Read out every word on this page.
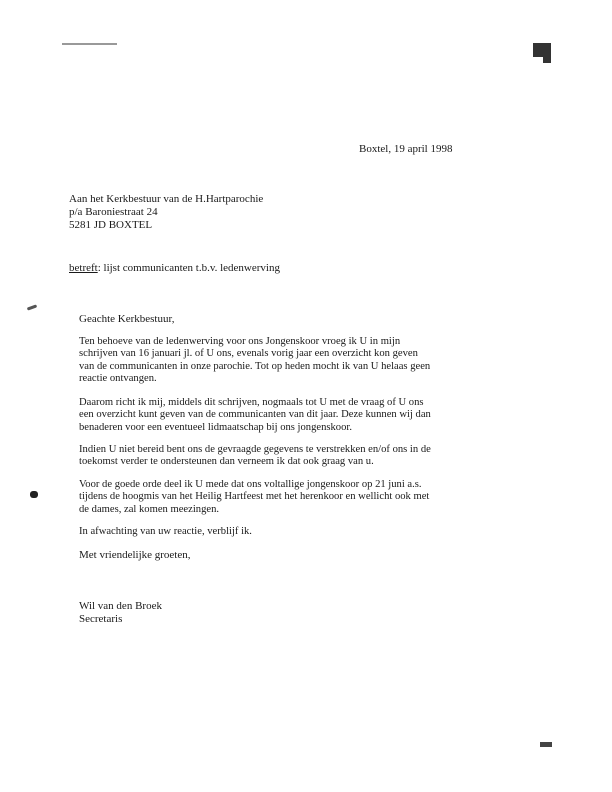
Boxtel, 19 april 1998
Aan het Kerkbestuur van de H.Hartparochie
p/a Baroniestraat 24
5281 JD BOXTEL
betreft: lijst communicanten t.b.v. ledenwerving
Geachte Kerkbestuur,
Ten behoeve van de ledenwerving voor ons Jongenskoor vroeg ik U in mijn
schrijven van 16 januari jl. of U ons, evenals vorig jaar een overzicht kon geven
van de communicanten in onze parochie. Tot op heden mocht ik van U helaas geen
reactie ontvangen.
Daarom richt ik mij, middels dit schrijven, nogmaals tot U met de vraag of U ons
een overzicht kunt geven van de communicanten van dit jaar. Deze kunnen wij dan
benaderen voor een eventueel lidmaatschap bij ons jongenskoor.
Indien U niet bereid bent ons de gevraagde gegevens te verstrekken en/of ons in de
toekomst verder te ondersteunen dan verneem ik dat ook graag van u.
Voor de goede orde deel ik U mede dat ons voltallige jongenskoor op 21 juni a.s.
tijdens de hoogmis van het Heilig Hartfeest met het herenkoor en wellicht ook met
de dames, zal komen meezingen.
In afwachting van uw reactie, verblijf ik.
Met vriendelijke groeten,
Wil van den Broek
Secretaris
